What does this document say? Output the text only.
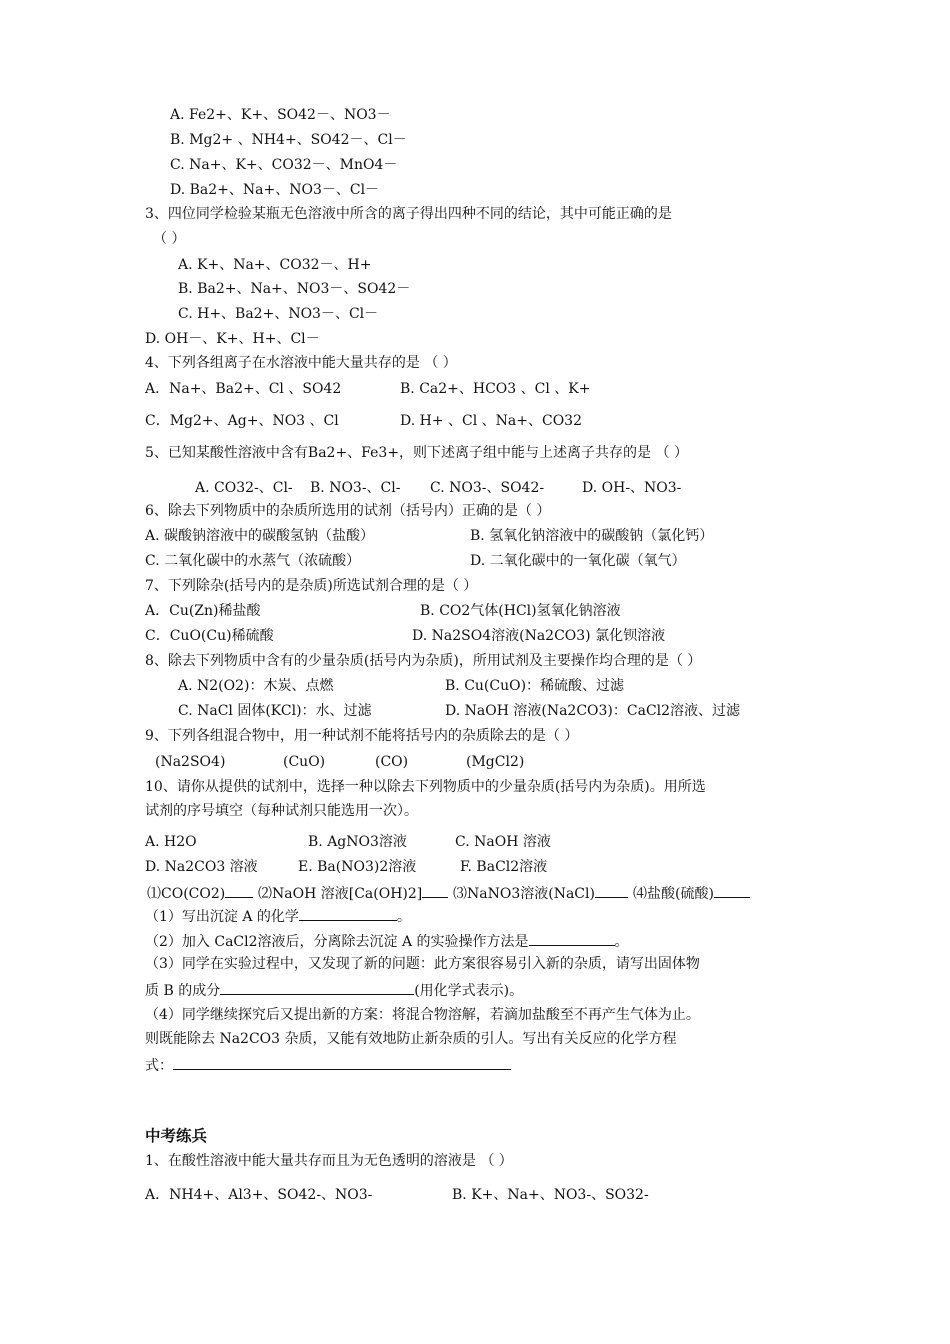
A. Fe2+、K+、SO42－、NO3－
B. Mg2+ 、NH4+、SO42－、Cl－
C. Na+、K+、CO32－、MnO4－
D. Ba2+、Na+、NO3－、Cl－
3、四位同学检验某瓶无色溶液中所含的离子得出四种不同的结论，其中可能正确的是
（ ）
A. K+、Na+、CO32－、H+
B. Ba2+、Na+、NO3－、SO42－
C. H+、Ba2+、NO3－、Cl－
D. OH－、K+、H+、Cl－
4、下列各组离子在水溶液中能大量共存的是 （ ）
A．Na+、Ba2+、Cl 、SO42	B. Ca2+、HCO3 、Cl 、K+
C．Mg2+、Ag+、NO3 、Cl	D. H+ 、Cl 、Na+、CO32
5、已知某酸性溶液中含有Ba2+、Fe3+，则下述离子组中能与上述离子共存的是 （ ）
A. CO32-、Cl- B. NO3-、Cl- C. NO3-、SO42-	D. OH-、NO3-
6、除去下列物质中的杂质所选用的试剂（括号内）正确的是（ ）
A. 碳酸钠溶液中的碳酸氢钠（盐酸）	B. 氢氧化钠溶液中的碳酸钠（氯化钙）
C. 二氧化碳中的水蒸气（浓硫酸）	D. 二氧化碳中的一氧化碳（氧气）
7、下列除杂(括号内的是杂质)所选试剂合理的是（ ）
A．Cu(Zn)稀盐酸	B. CO2气体(HCl)氢氧化钠溶液
C．CuO(Cu)稀硫酸	D. Na2SO4溶液(Na2CO3) 氯化钡溶液
8、除去下列物质中含有的少量杂质(括号内为杂质)，所用试剂及主要操作均合理的是（ ）
A. N2(O2)：木炭、点燃	B. Cu(CuO)：稀硫酸、过滤
C. NaCl 固体(KCl)：水、过滤	D. NaOH 溶液(Na2CO3)：CaCl2溶液、过滤
9、下列各组混合物中，用一种试剂不能将括号内的杂质除去的是（ ）
(Na2SO4)	(CuO)	(CO)	(MgCl2)
10、请你从提供的试剂中，选择一种以除去下列物质中的少量杂质(括号内为杂质)。用所选
试剂的序号填空（每种试剂只能选用一次）。
A. H2O	B. AgNO3溶液	C. NaOH 溶液
D. Na2CO3 溶液	E. Ba(NO3)2溶液	F. BaCl2溶液
⑴CO(CO2)	⑵NaOH 溶液[Ca(OH)2]	⑶NaNO3溶液(NaCl)	⑷盐酸(硫酸)
（1）写出沉淀 A 的化学	。
（2）加入 CaCl2溶液后，分离除去沉淀 A 的实验操作方法是	。
（3）同学在实验过程中，又发现了新的问题：此方案很容易引入新的杂质，请写出固体物
质 B 的成分	(用化学式表示)。
（4）同学继续探究后又提出新的方案：将混合物溶解，若滴加盐酸至不再产生气体为止。
则既能除去 Na2CO3 杂质，又能有效地防止新杂质的引人。写出有关反应的化学方程
式：
中考练兵
1、在酸性溶液中能大量共存而且为无色透明的溶液是 （ ）
A．NH4+、Al3+、SO42-、NO3-	B. K+、Na+、NO3-、SO32-
